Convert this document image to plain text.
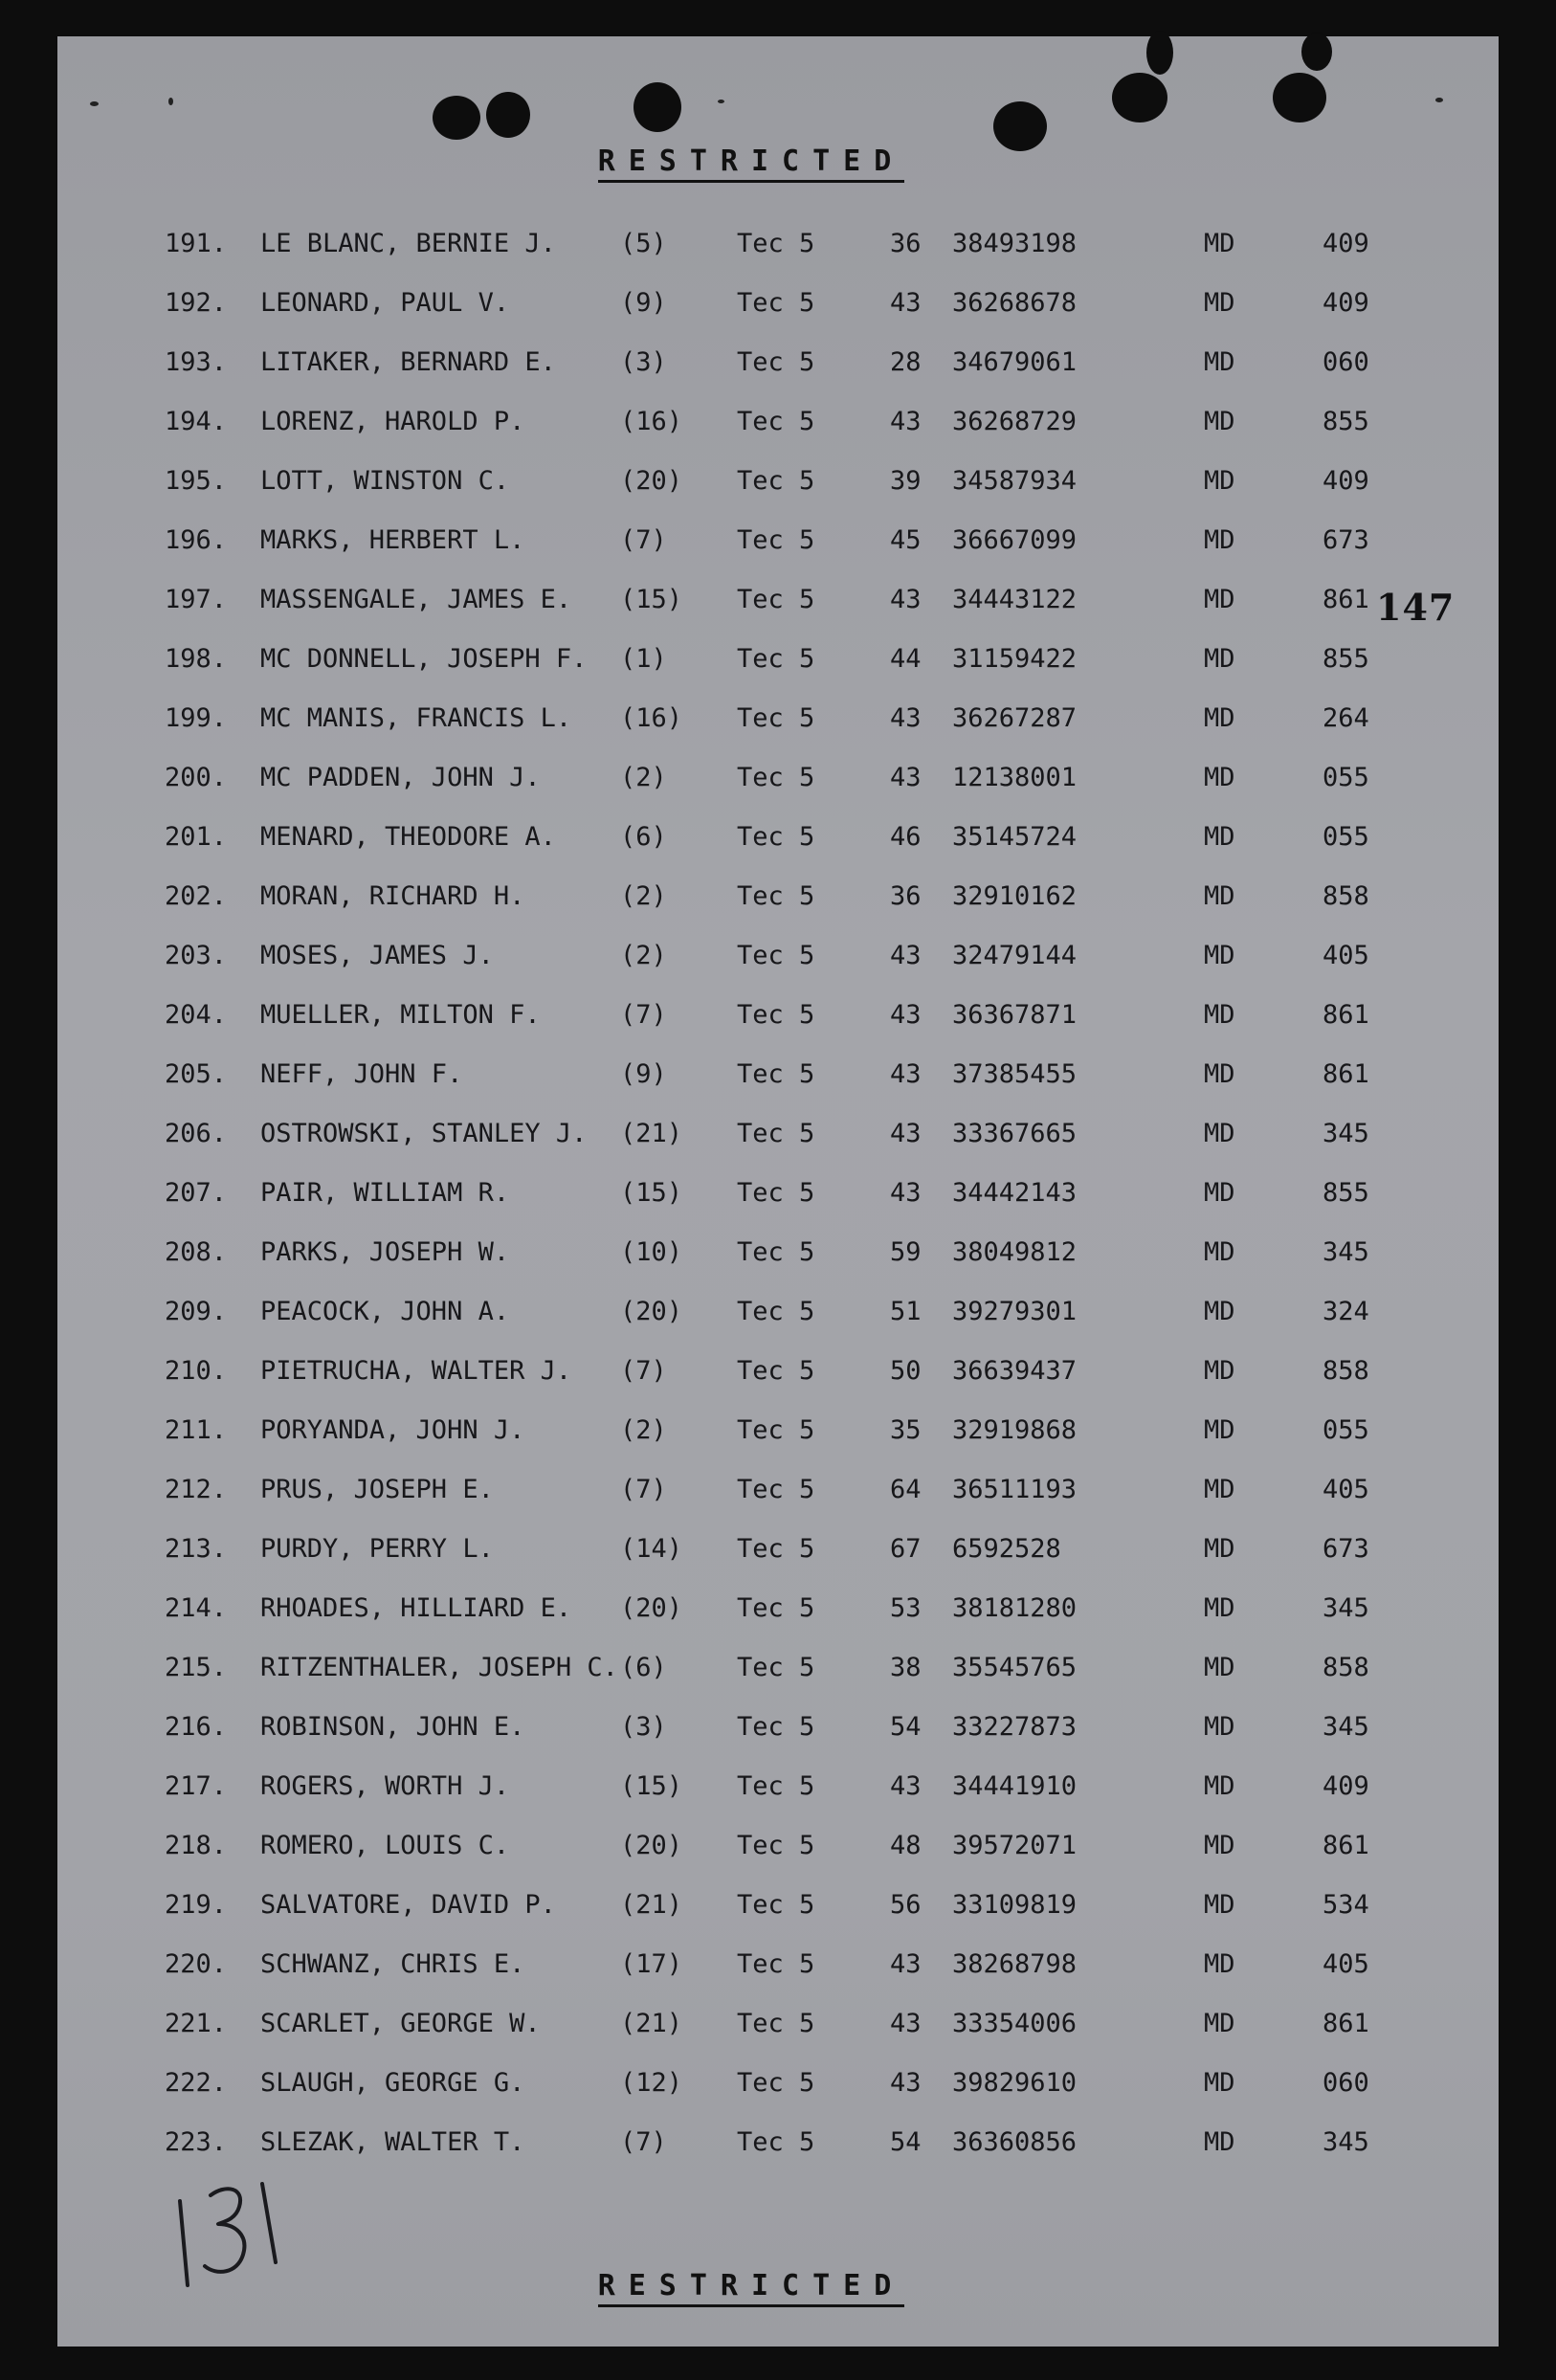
RESTRICTED
147
191. LE BLANC, BERNIE J. (5)	Tec 5	36 38493198	MD	409
192. LEONARD, PAUL V.	(9)	Tec 5	43 36268678	MD	409
193. LITAKER, BERNARD E. (3)	Tec 5	28 34679061	MD	060
194. LORENZ, HAROLD P.	(16) Tec 5	43 36268729	MD	855
195. LOTT, WINSTON C.	(20) Tec 5	39 34587934	MD	409
196. MARKS, HERBERT L.	(7)	Tec 5	45 36667099	MD	673
197. MASSENGALE, JAMES E. (15) Tec 5	43 34443122	MD	861
198. MC DONNELL, JOSEPH F. (1)	Tec 5	44 31159422	MD	855
199. MC MANIS, FRANCIS L. (16) Tec 5	43 36267287	MD	264
200. MC PADDEN, JOHN J.	(2)	Tec 5	43 12138001	MD	055
201. MENARD, THEODORE A. (6)	Tec 5	46 35145724	MD	055
202. MORAN, RICHARD H.	(2)	Tec 5	36 32910162	MD	858
203. MOSES, JAMES J.	(2)	Tec 5	43 32479144	MD	405
204. MUELLER, MILTON F.	(7)	Tec 5	43 36367871	MD	861
205. NEFF, JOHN F.	(9)	Tec 5	43 37385455	MD	861
206. OSTROWSKI, STANLEY J. (21) Tec 5	43 33367665	MD	345
207. PAIR, WILLIAM R.	(15) Tec 5	43 34442143	MD	855
208. PARKS, JOSEPH W.	(10) Tec 5	59 38049812	MD	345
209. PEACOCK, JOHN A.	(20) Tec 5	51 39279301	MD	324
210. PIETRUCHA, WALTER J. (7)	Tec 5	50 36639437	MD	858
211. PORYANDA, JOHN J.	(2)	Tec 5	35 32919868	MD	055
212. PRUS, JOSEPH E.	(7)	Tec 5	64 36511193	MD	405
213. PURDY, PERRY L.	(14) Tec 5	67 6592528	MD	673
214. RHOADES, HILLIARD E. (20) Tec 5	53 38181280	MD	345
215. RITZENTHALER, JOSEPH C. (6)	Tec 5	38 35545765	MD	858
216. ROBINSON, JOHN E.	(3)	Tec 5	54 33227873	MD	345
217. ROGERS, WORTH J.	(15) Tec 5	43 34441910	MD	409
218. ROMERO, LOUIS C.	(20) Tec 5	48 39572071	MD	861
219. SALVATORE, DAVID P. (21) Tec 5	56 33109819	MD	534
220. SCHWANZ, CHRIS E.	(17) Tec 5	43 38268798	MD	405
221. SCARLET, GEORGE W.	(21) Tec 5	43 33354006	MD	861
222. SLAUGH, GEORGE G.	(12) Tec 5	43 39829610	MD	060
223. SLEZAK, WALTER T.	(7)	Tec 5	54 36360856	MD	345
RESTRICTED
